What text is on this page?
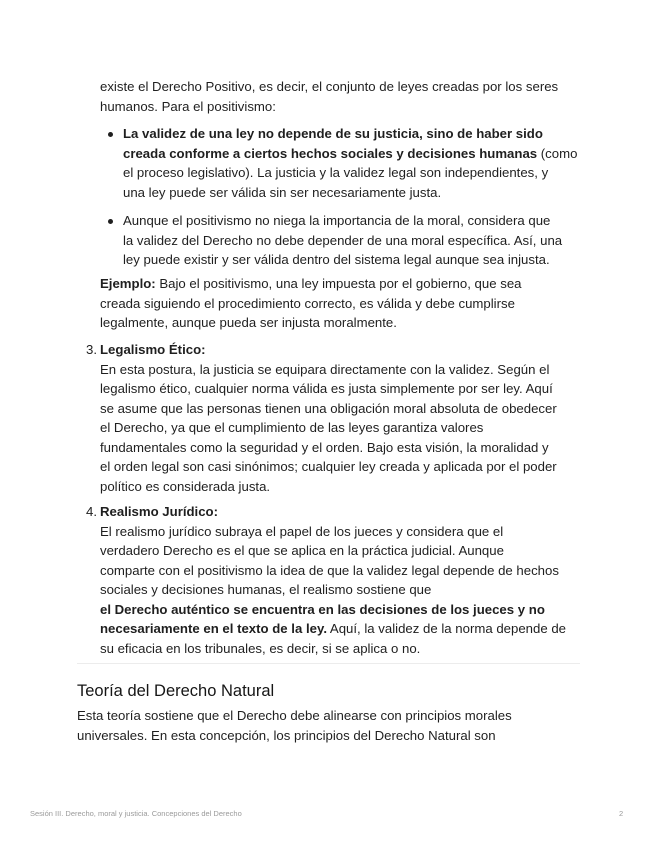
existe el Derecho Positivo, es decir, el conjunto de leyes creadas por los seres
humanos. Para el positivismo:

La validez de una ley no depende de su justicia, sino de haber sido
creada conforme a ciertos hechos sociales y decisiones humanas (como
el proceso legislativo). La justicia y la validez legal son independientes, y
una ley puede ser válida sin ser necesariamente justa.
Aunque el positivismo no niega la importancia de la moral, considera que
la validez del Derecho no debe depender de una moral específica. Así, una
ley puede existir y ser válida dentro del sistema legal aunque sea injusta.

Ejemplo: Bajo el positivismo, una ley impuesta por el gobierno, que sea
creada siguiendo el procedimiento correcto, es válida y debe cumplirse
legalmente, aunque pueda ser injusta moralmente.

3. Legalismo Ético:
En esta postura, la justicia se equipara directamente con la validez. Según el
legalismo ético, cualquier norma válida es justa simplemente por ser ley. Aquí
se asume que las personas tienen una obligación moral absoluta de obedecer
el Derecho, ya que el cumplimiento de las leyes garantiza valores
fundamentales como la seguridad y el orden. Bajo esta visión, la moralidad y
el orden legal son casi sinónimos; cualquier ley creada y aplicada por el poder
político es considerada justa.
4. Realismo Jurídico:
El realismo jurídico subraya el papel de los jueces y considera que el
verdadero Derecho es el que se aplica en la práctica judicial. Aunque
comparte con el positivismo la idea de que la validez legal depende de hechos
sociales y decisiones humanas, el realismo sostiene que
el Derecho auténtico se encuentra en las decisiones de los jueces y no
necesariamente en el texto de la ley. Aquí, la validez de la norma depende de
su eficacia en los tribunales, es decir, si se aplica o no.
Teoría del Derecho Natural
Esta teoría sostiene que el Derecho debe alinearse con principios morales
universales. En esta concepción, los principios del Derecho Natural son
Sesión III. Derecho, moral y justicia. Concepciones del Derecho	2
